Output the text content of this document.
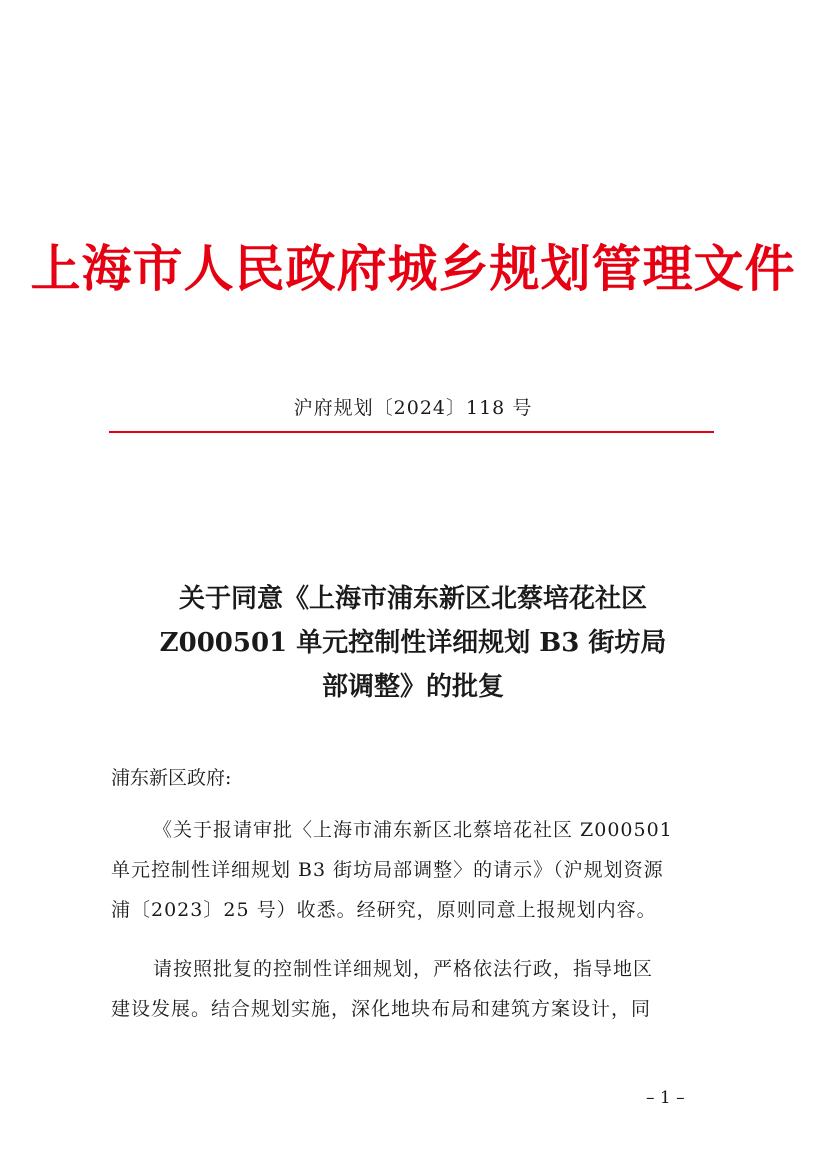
上海市人民政府城乡规划管理文件
沪府规划〔2024〕118 号
关于同意《上海市浦东新区北蔡培花社区
Z000501 单元控制性详细规划 B3 街坊局
部调整》的批复
浦东新区政府:
《关于报请审批〈上海市浦东新区北蔡培花社区 Z000501
单元控制性详细规划 B3 街坊局部调整〉的请示》（沪规划资源
浦〔2023〕25 号）收悉。经研究，原则同意上报规划内容。
请按照批复的控制性详细规划，严格依法行政，指导地区
建设发展。结合规划实施，深化地块布局和建筑方案设计，同
– 1 –
